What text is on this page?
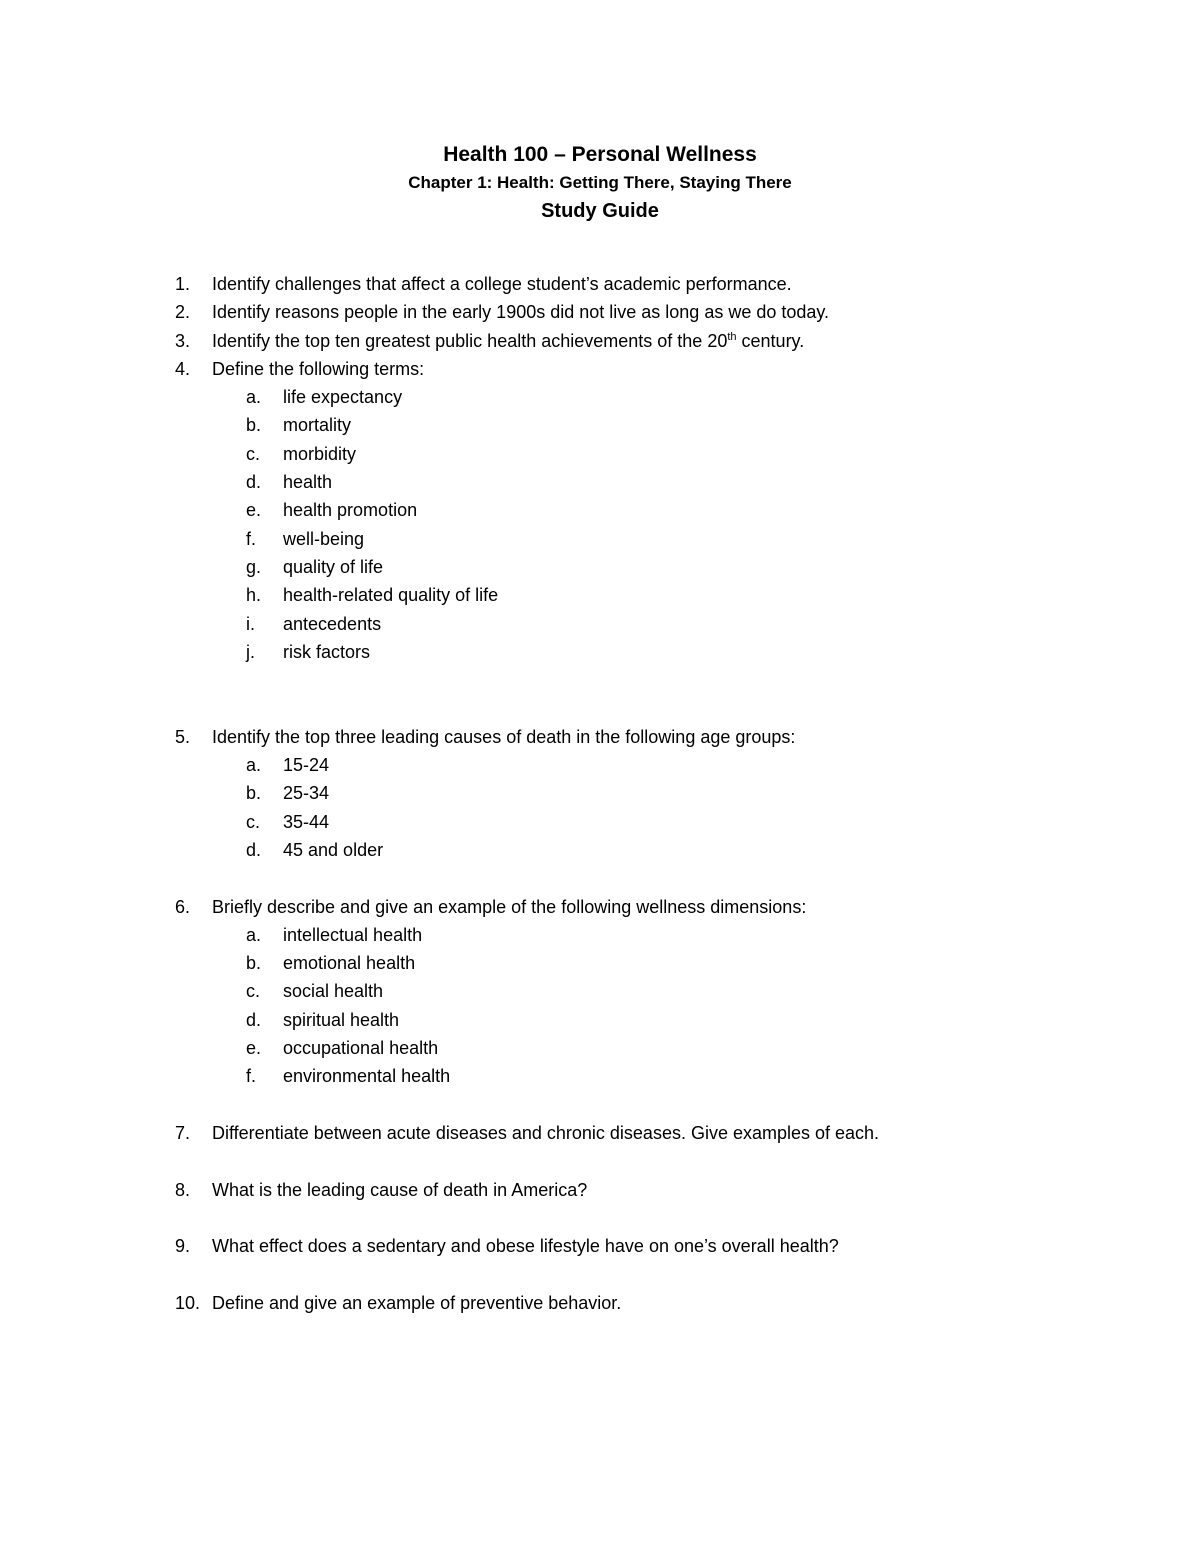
Health 100 – Personal Wellness

Chapter 1: Health: Getting There, Staying There

Study Guide

1. Identify challenges that affect a college student’s academic performance.
2. Identify reasons people in the early 1900s did not live as long as we do today.
3. Identify the top ten greatest public health achievements of the 20th century.
4. Define the following terms:
a. life expectancy
b. mortality
c. morbidity
d. health
e. health promotion
f. well-being
g. quality of life
h. health-related quality of life
i. antecedents
j. risk factors
5. Identify the top three leading causes of death in the following age groups:
a. 15-24
b. 25-34
c. 35-44
d. 45 and older
6. Briefly describe and give an example of the following wellness dimensions:
a. intellectual health
b. emotional health
c. social health
d. spiritual health
e. occupational health
f. environmental health
7. Differentiate between acute diseases and chronic diseases. Give examples of each.
8. What is the leading cause of death in America?
9. What effect does a sedentary and obese lifestyle have on one’s overall health?
10. Define and give an example of preventive behavior.
